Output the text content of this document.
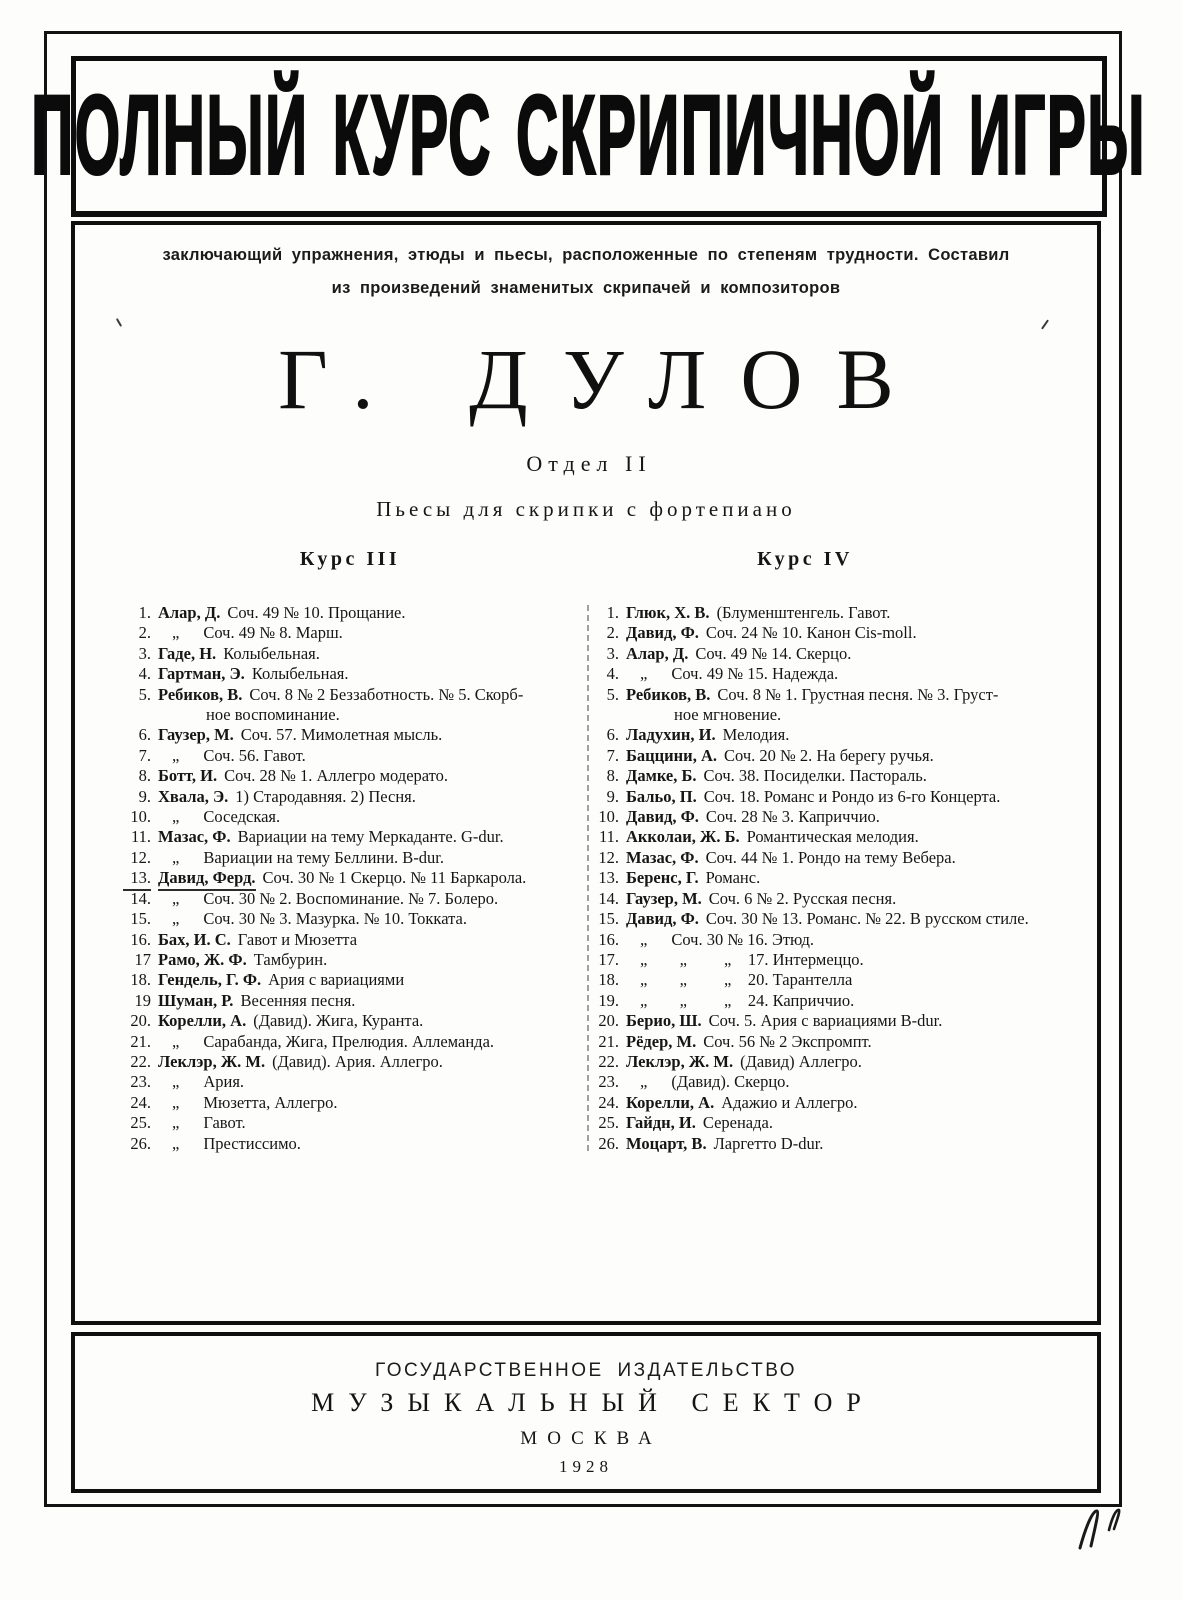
ПОЛНЫЙ КУРС СКРИПИЧНОЙ ИГРЫ
заключающий упражнения, этюды и пьесы, расположенные по степеням трудности. Составил
из произведений знаменитых скрипачей и композиторов
Г. ДУЛОВ
Отдел II
Пьесы для скрипки с фортепиано
Курс III	Курс IV
1. Алар, Д. Соч. 49 № 10. Прощание.
2.	„	Соч. 49 № 8. Марш.
3. Гаде, Н. Колыбельная.
4. Гартман, Э. Колыбельная.
5. Ребиков, В. Соч. 8 № 2 Беззаботность. № 5. Скорб-
ное воспоминание.
6. Гаузер, М. Соч. 57. Мимолетная мысль.
7.	„	Соч. 56. Гавот.
8. Ботт, И. Соч. 28 № 1. Аллегро модерато.
9. Хвала, Э. 1) Стародавняя. 2) Песня.
10.	„	Соседская.
11. Мазас, Ф. Вариации на тему Меркаданте. G-dur.
12.	„	Вариации на тему Беллини. B-dur.
13. Давид, Ферд. Соч. 30 № 1 Скерцо. № 11 Баркарола.
14.	„	Соч. 30 № 2. Воспоминание. № 7. Болеро.
15.	„	Соч. 30 № 3. Мазурка. № 10. Токката.
16. Бах, И. С. Гавот и Мюзетта
17 Рамо, Ж. Ф. Тамбурин.
18. Гендель, Г. Ф. Ария с вариациями
19 Шуман, Р. Весенняя песня.
20. Корелли, А. (Давид). Жига, Куранта.
21.	„	Сарабанда, Жига, Прелюдия. Аллеманда.
22. Леклэр, Ж. М. (Давид). Ария. Аллегро.
23.	„	Ария.
24.	„	Мюзетта, Аллегро.
25.	„	Гавот.
26.	„	Престиссимо.
1. Глюк, Х. В. (Блуменштенгель. Гавот.
2. Давид, Ф. Соч. 24 № 10. Канон Cis-moll.
3. Алар, Д. Соч. 49 № 14. Скерцо.
4.	„	Соч. 49 № 15. Надежда.
5. Ребиков, В. Соч. 8 № 1. Грустная песня. № 3. Груст-
ное мгновение.
6. Ладухин, И. Мелодия.
7. Баццини, А. Соч. 20 № 2. На берегу ручья.
8. Дамке, Б. Соч. 38. Посиделки. Пастораль.
9. Бальо, П. Соч. 18. Романс и Рондо из 6-го Концерта.
10. Давид, Ф. Соч. 28 № 3. Каприччио.
11. Акколаи, Ж. Б. Романтическая мелодия.
12. Мазас, Ф. Соч. 44 № 1. Рондо на тему Вебера.
13. Беренс, Г. Романс.
14. Гаузер, М. Соч. 6 № 2. Русская песня.
15. Давид, Ф. Соч. 30 № 13. Романс. № 22. В русском стиле.
16.	„	Соч. 30 № 16. Этюд.
17.	„	„         „    17. Интермеццо.
18.	„	„         „    20. Тарантелла
19.	„	„         „    24. Каприччио.
20. Берио, Ш. Соч. 5. Ария с вариациями B-dur.
21. Рёдер, М. Соч. 56 № 2 Экспромпт.
22. Леклэр, Ж. М. (Давид) Аллегро.
23.	„	(Давид). Скерцо.
24. Корелли, А. Адажио и Аллегро.
25. Гайдн, И. Серенада.
26. Моцарт, В. Ларгетто D-dur.
ГОСУДАРСТВЕННОЕ ИЗДАТЕЛЬСТВО
МУЗЫКАЛЬНЫЙ СЕКТОР
МОСКВА
1928
